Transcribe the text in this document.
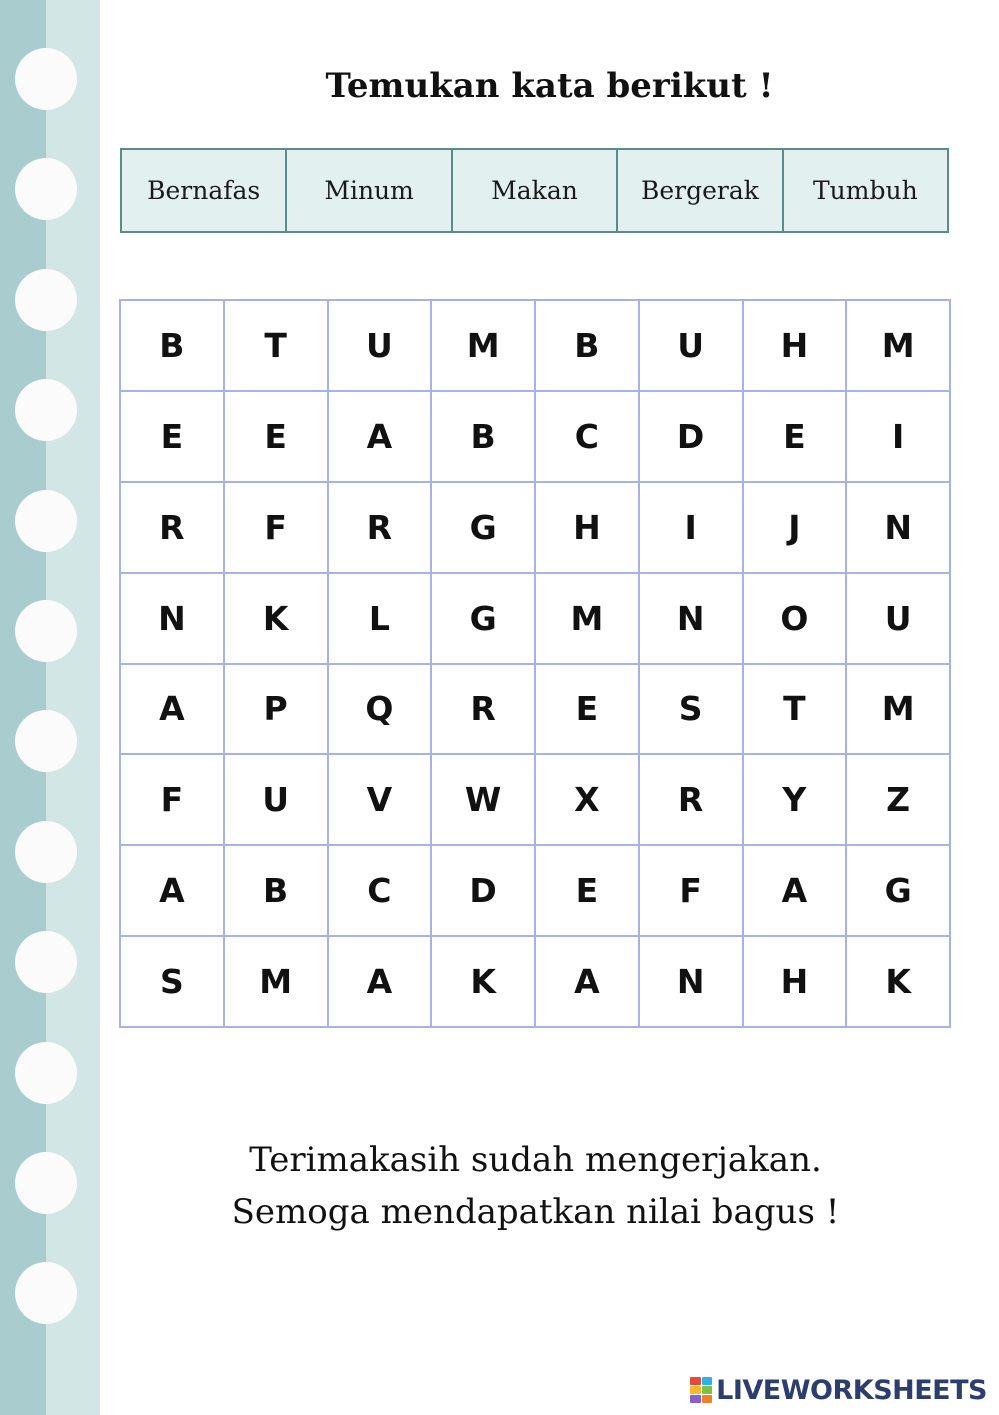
Temukan kata berikut !
Bernafas	Minum	Makan	Bergerak	Tumbuh
B	T	U	M	B	U	H	M
E	E	A	B	C	D	E	I
R	F	R	G	H	I	J	N
N	K	L	G	M	N	O	U
A	P	Q	R	E	S	T	M
F	U	V	W	X	R	Y	Z
A	B	C	D	E	F	A	G
S	M	A	K	A	N	H	K

Terimakasih sudah mengerjakan.

Semoga mendapatkan nilai bagus !

LIVEWORKSHEETS
